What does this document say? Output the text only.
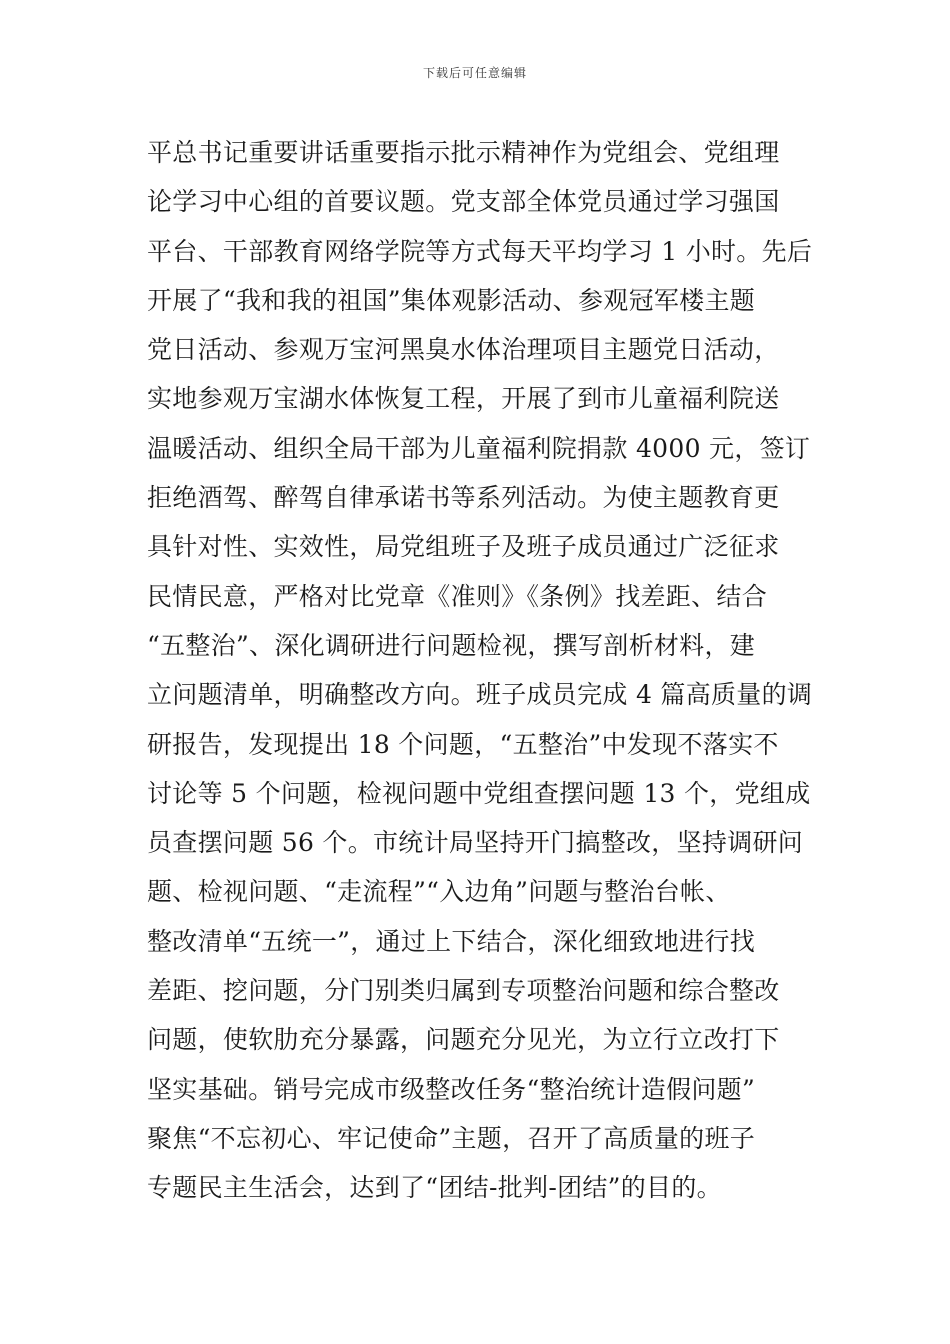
下载后可任意编辑
平总书记重要讲话重要指示批示精神作为党组会、党组理
论学习中心组的首要议题。党支部全体党员通过学习强国
平台、干部教育网络学院等方式每天平均学习 1 小时。先后
开展了“我和我的祖国”集体观影活动、参观冠军楼主题
党日活动、参观万宝河黑臭水体治理项目主题党日活动，
实地参观万宝湖水体恢复工程，开展了到市儿童福利院送
温暖活动、组织全局干部为儿童福利院捐款 4000 元，签订
拒绝酒驾、醉驾自律承诺书等系列活动。为使主题教育更
具针对性、实效性，局党组班子及班子成员通过广泛征求
民情民意，严格对比党章《准则》《条例》找差距、结合
“五整治”、深化调研进行问题检视，撰写剖析材料，建
立问题清单，明确整改方向。班子成员完成 4 篇高质量的调
研报告，发现提出 18 个问题，“五整治”中发现不落实不
讨论等 5 个问题，检视问题中党组查摆问题 13 个，党组成
员查摆问题 56 个。市统计局坚持开门搞整改，坚持调研问
题、检视问题、“走流程”“入边角”问题与整治台帐、
整改清单“五统一”，通过上下结合，深化细致地进行找
差距、挖问题，分门别类归属到专项整治问题和综合整改
问题，使软肋充分暴露，问题充分见光，为立行立改打下
坚实基础。销号完成市级整改任务“整治统计造假问题”
聚焦“不忘初心、牢记使命”主题，召开了高质量的班子
专题民主生活会，达到了“团结-批判-团结”的目的。
